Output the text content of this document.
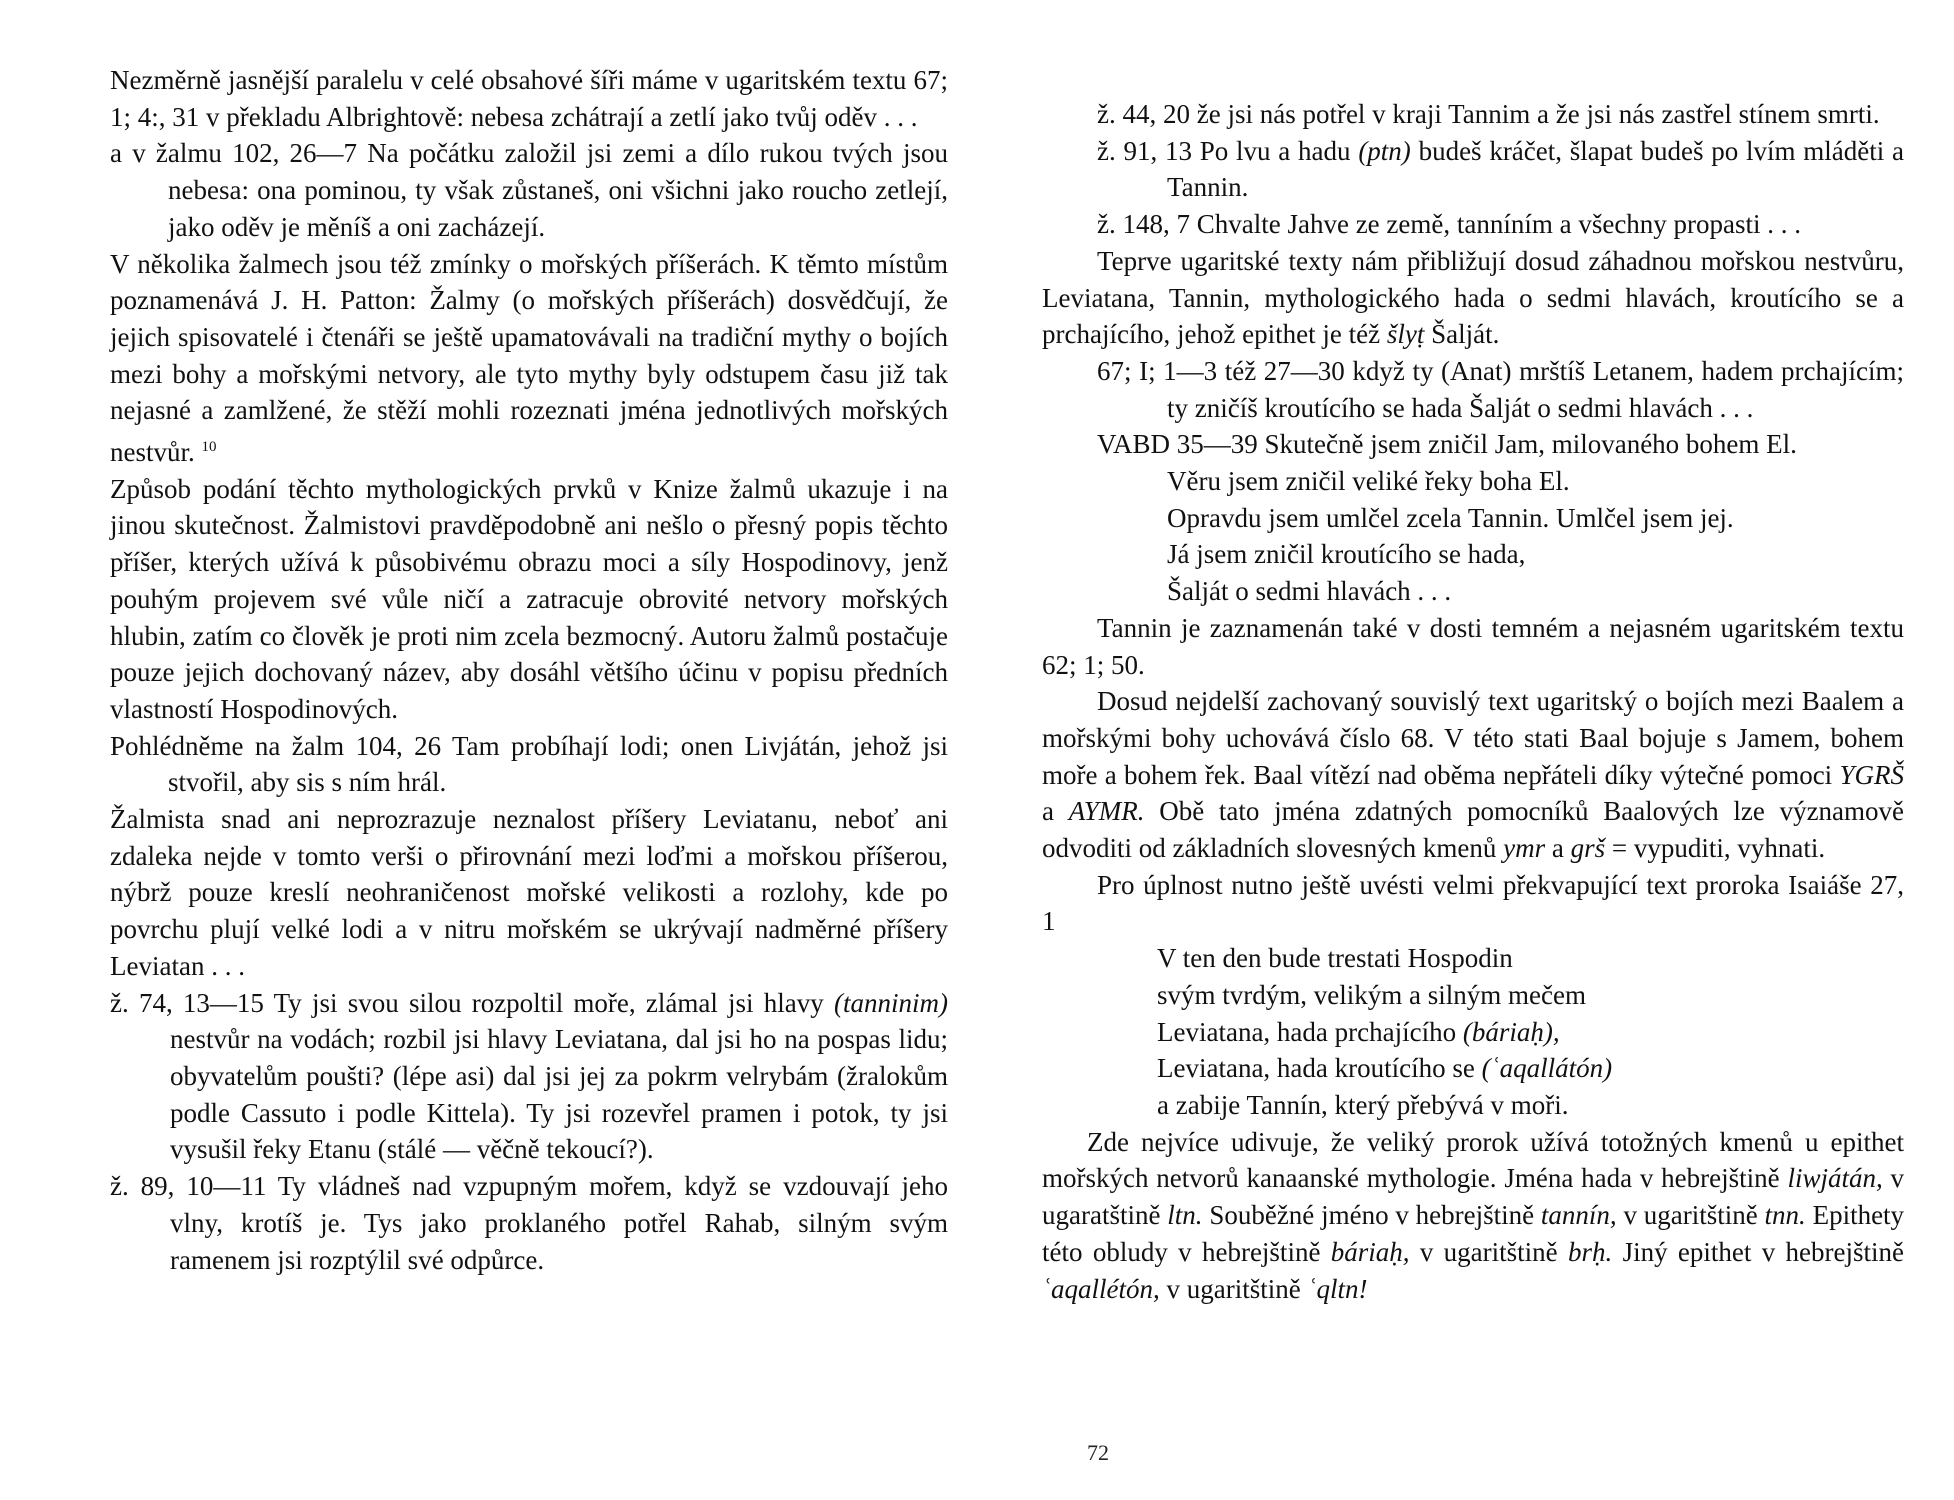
Nezměrně jasnější paralelu v celé obsahové šíři máme v ugaritském textu 67; 1; 4:, 31 v překladu Albrightově: nebesa zchátrají a zetlí jako tvůj oděv . . .

a v žalmu 102, 26—7 Na počátku založil jsi zemi a dílo rukou tvých jsou nebesa: ona pominou, ty však zůstaneš, oni všichni jako roucho zetlejí, jako oděv je měníš a oni zacházejí.

V několika žalmech jsou též zmínky o mořských příšerách. K těmto místům poznamenává J. H. Patton: Žalmy (o mořských příšerách) dosvědčují, že jejich spisovatelé i čtenáři se ještě upamatovávali na tradiční mythy o bojích mezi bohy a mořskými netvory, ale tyto mythy byly odstupem času již tak nejasné a zamlžené, že stěží mohli rozeznati jména jednotlivých mořských nestvůr. $^{10}$

Způsob podání těchto mythologických prvků v Knize žalmů ukazuje i na jinou skutečnost. Žalmistovi pravděpodobně ani nešlo o přesný popis těchto příšer, kterých užívá k působivému obrazu moci a síly Hospodinovy, jenž pouhým projevem své vůle ničí a zatracuje obrovité netvory mořských hlubin, zatím co člověk je proti nim zcela bezmocný. Autoru žalmů postačuje pouze jejich dochovaný název, aby dosáhl většího účinu v popisu předních vlastností Hospodinových.

Pohlédněme na žalm 104, 26 Tam probíhají lodi; onen Livjátán, jehož jsi stvořil, aby sis s ním hrál.

Žalmista snad ani neprozrazuje neznalost příšery Leviatanu, neboť ani zdaleka nejde v tomto verši o přirovnání mezi loďmi a mořskou příšerou, nýbrž pouze kreslí neohraničenost mořské velikosti a rozlohy, kde po povrchu plují velké lodi a v nitru mořském se ukrývají nadměrné příšery Leviatan . . .

ž. 74, 13—15 Ty jsi svou silou rozpoltil moře, zlámal jsi hlavy (tanninim) nestvůr na vodách; rozbil jsi hlavy Leviatana, dal jsi ho na pospas lidu; obyvatelům poušti? (lépe asi) dal jsi jej za pokrm velrybám (žralokům podle Cassuto i podle Kittela). Ty jsi rozevřel pramen i potok, ty jsi vysušil řeky Etanu (stálé — věčně tekoucí?).

ž. 89, 10—11 Ty vládneš nad vzpupným mořem, když se vzdouvají jeho vlny, krotíš je. Tys jako proklaného potřel Rahab, silným svým ramenem jsi rozptýlil své odpůrce.

ž. 44, 20 že jsi nás potřel v kraji Tannim a že jsi nás zastřel stínem smrti.

ž. 91, 13 Po lvu a hadu (ptn) budeš kráčet, šlapat budeš po lvím mláděti a Tannin.

ž. 148, 7 Chvalte Jahve ze země, tanníním a všechny propasti . . .

Teprve ugaritské texty nám přibližují dosud záhadnou mořskou nestvůru, Leviatana, Tannin, mythologického hada o sedmi hlavách, kroutícího se a prchajícího, jehož epithet je též šlyṭ Šalját.

67; I; 1—3 též 27—30 když ty (Anat) mrštíš Letanem, hadem prchajícím; ty zničíš kroutícího se hada Šalját o sedmi hlavách . . .

VABD 35—39 Skutečně jsem zničil Jam, milovaného bohem El.

Věru jsem zničil veliké řeky boha El.

Opravdu jsem umlčel zcela Tannin. Umlčel jsem jej.

Já jsem zničil kroutícího se hada,

Šalját o sedmi hlavách . . .

Tannin je zaznamenán také v dosti temném a nejasném ugaritském textu 62; 1; 50.

Dosud nejdelší zachovaný souvislý text ugaritský o bojích mezi Baalem a mořskými bohy uchovává číslo 68. V této stati Baal bojuje s Jamem, bohem moře a bohem řek. Baal vítězí nad oběma nepřáteli díky výtečné pomoci YGRŠ a AYMR. Obě tato jména zdatných pomocníků Baalových lze významově odvoditi od základních slovesných kmenů ymr a grš = vypuditi, vyhnati.

Pro úplnost nutno ještě uvésti velmi překvapující text proroka Isaiáše 27, 1

V ten den bude trestati Hospodin

svým tvrdým, velikým a silným mečem

Leviatana, hada prchajícího (báriaḥ),

Leviatana, hada kroutícího se (ʿaqallátón)

a zabije Tannín, který přebývá v moři.

Zde nejvíce udivuje, že veliký prorok užívá totožných kmenů u epithet mořských netvorů kanaanské mythologie. Jména hada v hebrejštině liwjátán, v ugaratštině ltn. Souběžné jméno v hebrejštině tannín, v ugaritštině tnn. Epithety této obludy v hebrejštině báriaḥ, v ugaritštině brḥ. Jiný epithet v hebrejštině ʿaqallétón, v ugaritštině ʿqltn!

72
